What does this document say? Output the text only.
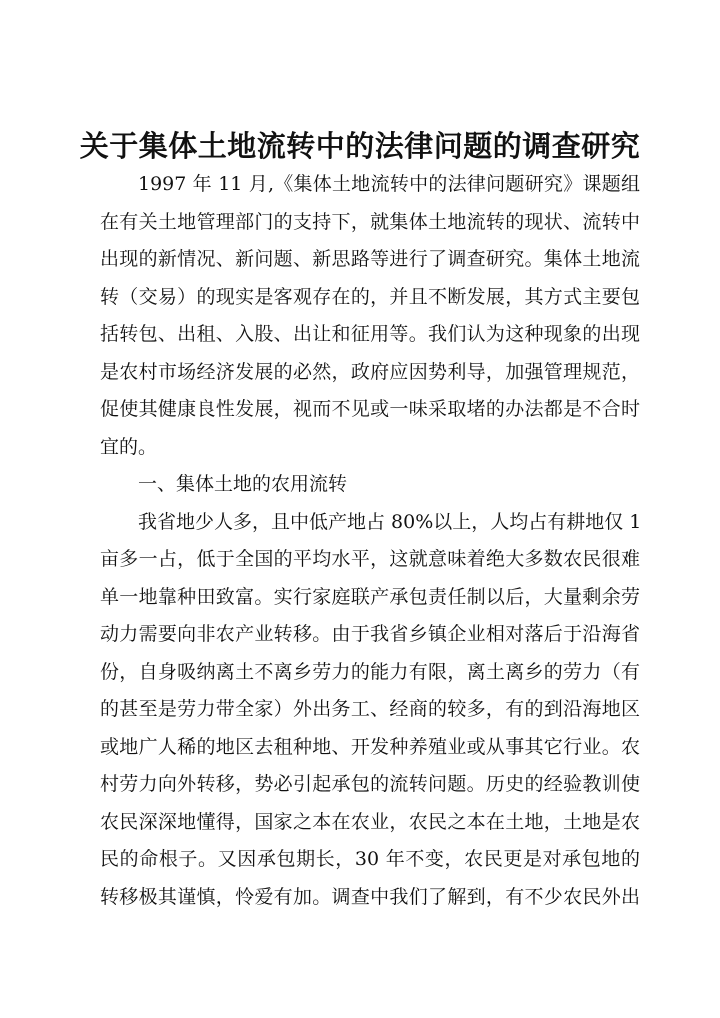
关于集体土地流转中的法律问题的调查研究
1997 年 11 月,《集体土地流转中的法律问题研究》课题组
在有关土地管理部门的支持下，就集体土地流转的现状、流转中
出现的新情况、新问题、新思路等进行了调查研究。集体土地流
转（交易）的现实是客观存在的，并且不断发展，其方式主要包
括转包、出租、入股、出让和征用等。我们认为这种现象的出现
是农村市场经济发展的必然，政府应因势利导，加强管理规范，
促使其健康良性发展，视而不见或一味采取堵的办法都是不合时
宜的。
一、集体土地的农用流转
我省地少人多，且中低产地占 80%以上，人均占有耕地仅 1
亩多一占，低于全国的平均水平，这就意味着绝大多数农民很难
单一地靠种田致富。实行家庭联产承包责任制以后，大量剩余劳
动力需要向非农产业转移。由于我省乡镇企业相对落后于沿海省
份，自身吸纳离土不离乡劳力的能力有限，离土离乡的劳力（有
的甚至是劳力带全家）外出务工、经商的较多，有的到沿海地区
或地广人稀的地区去租种地、开发种养殖业或从事其它行业。农
村劳力向外转移，势必引起承包的流转问题。历史的经验教训使
农民深深地懂得，国家之本在农业，农民之本在土地，土地是农
民的命根子。又因承包期长，30 年不变，农民更是对承包地的
转移极其谨慎，怜爱有加。调查中我们了解到，有不少农民外出
